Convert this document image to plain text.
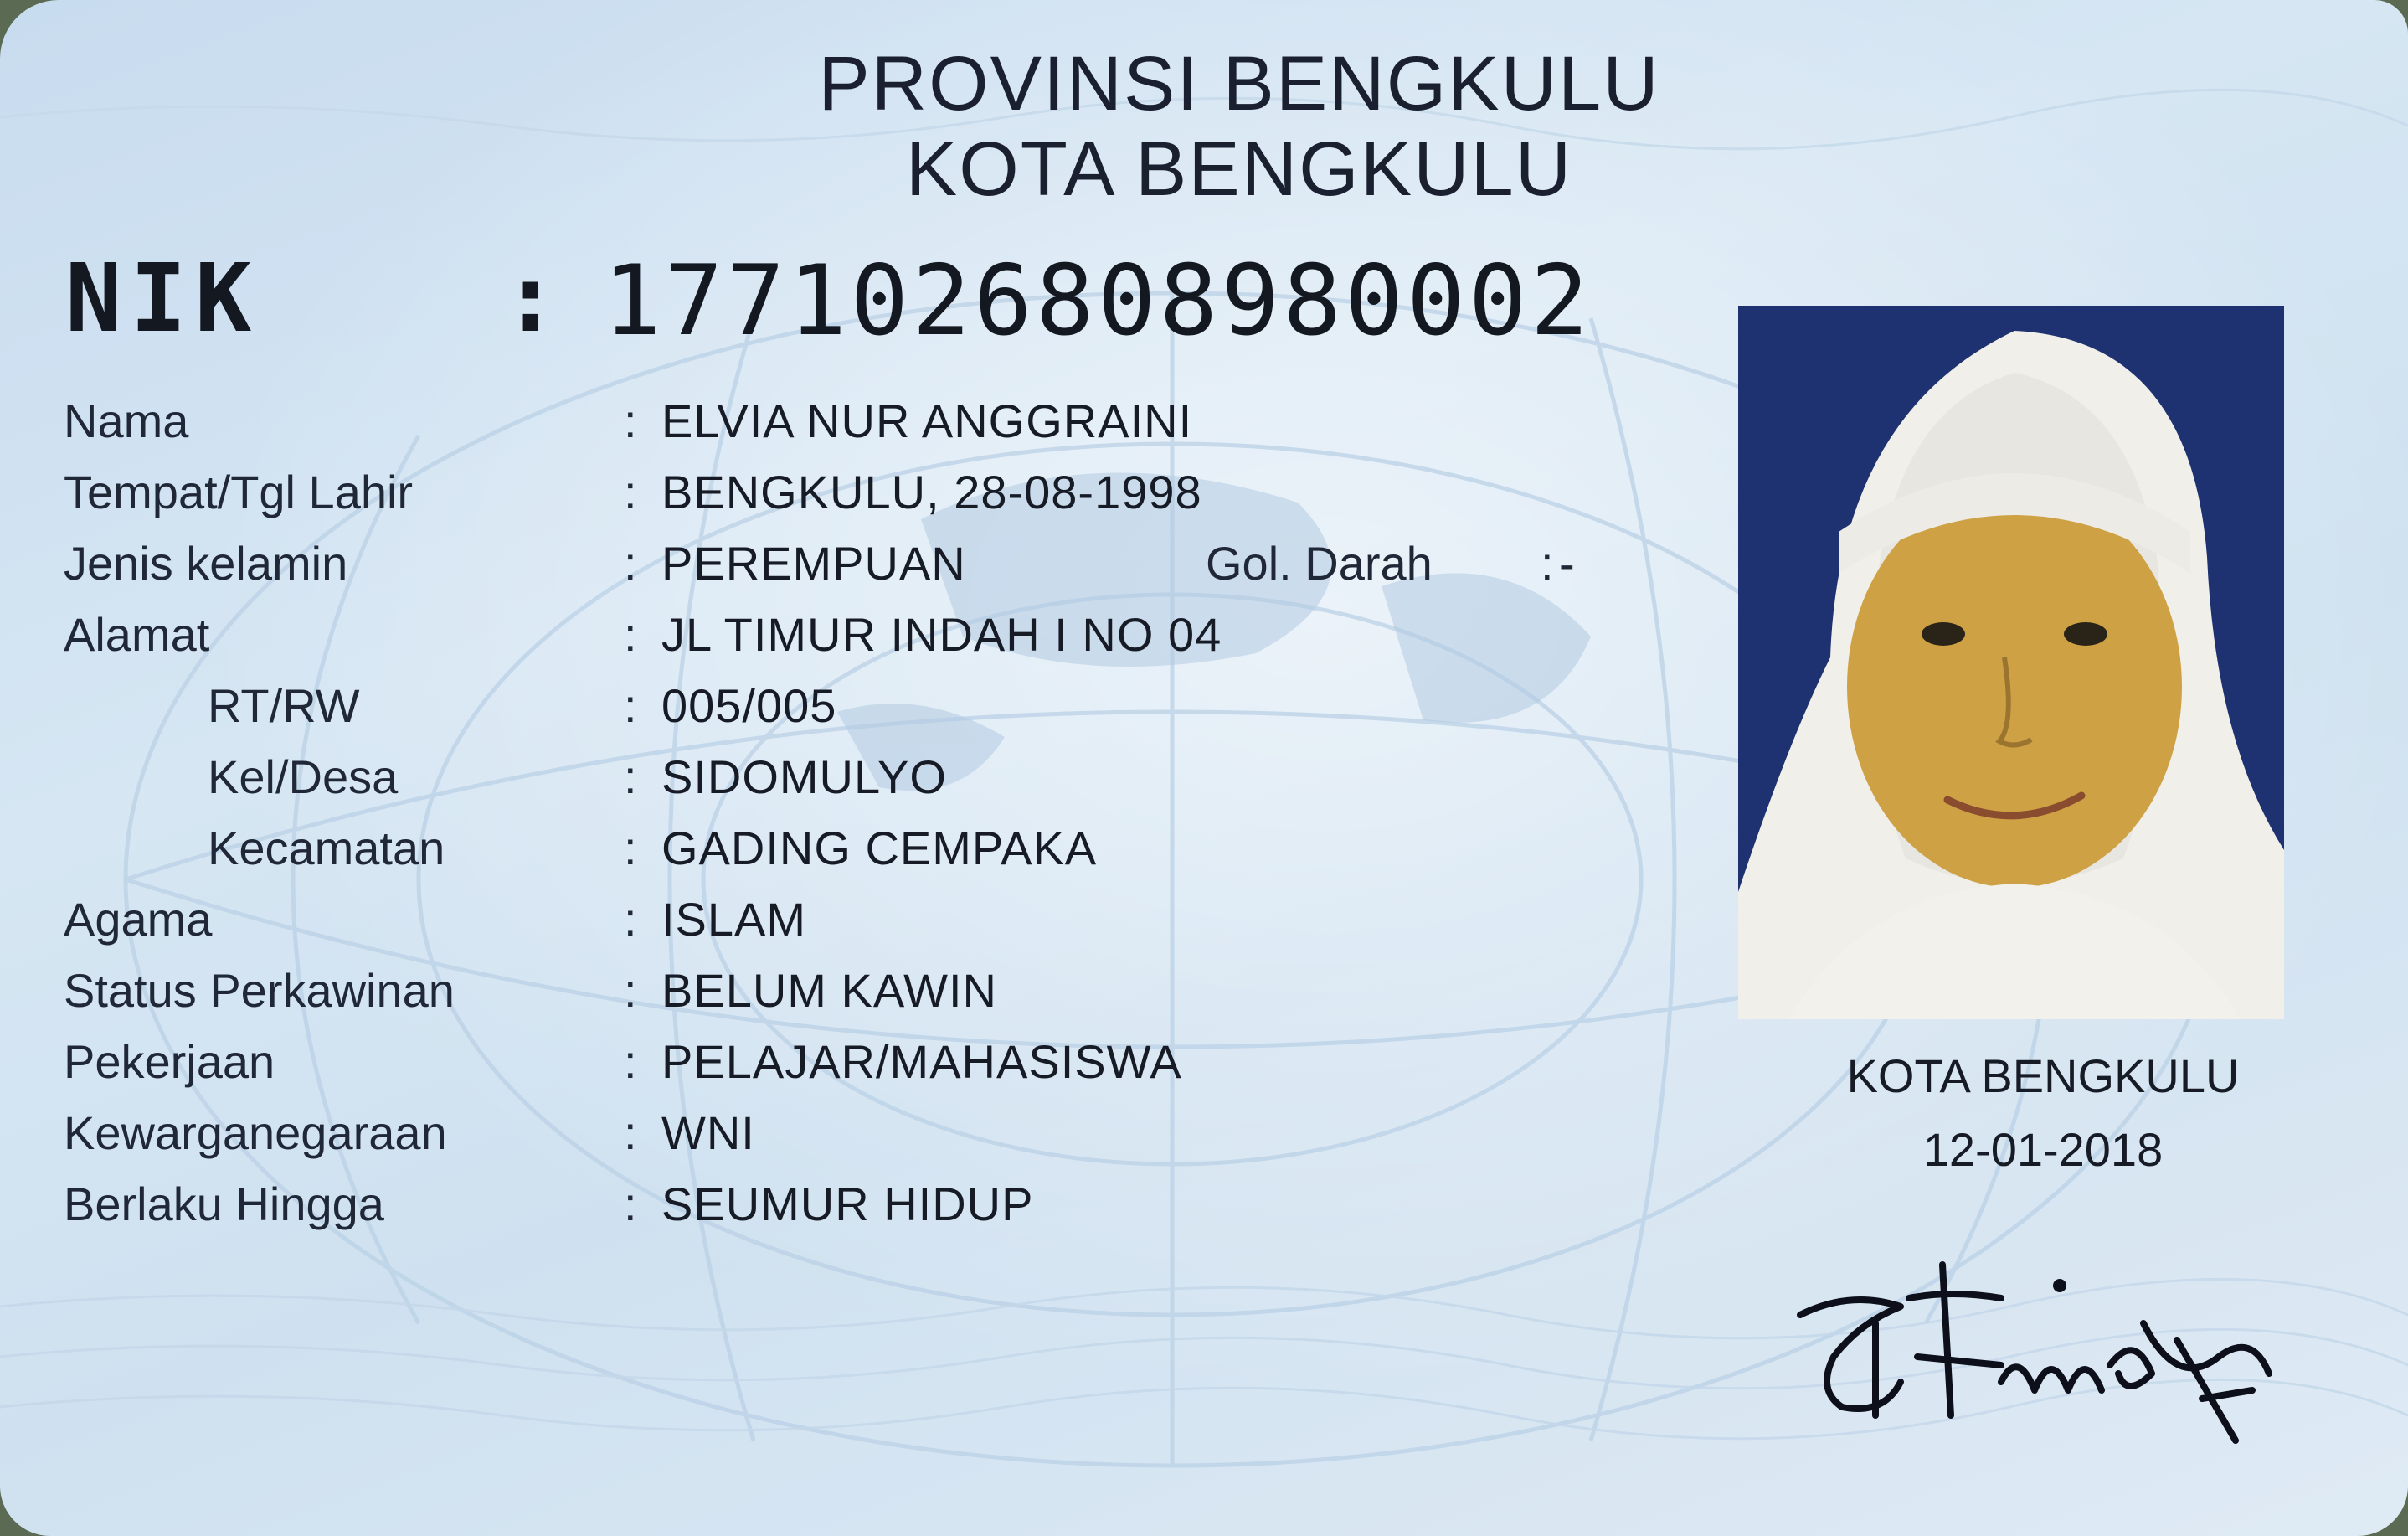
PROVINSI BENGKULU
KOTA BENGKULU
NIK	: 1771026808980002
Nama	: ELVIA NUR ANGGRAINI
Tempat/Tgl Lahir	: BENGKULU, 28-08-1998
Jenis kelamin	: PEREMPUAN	Gol. Darah : -
Alamat	: JL TIMUR INDAH I NO 04
RT/RW	: 005/005
Kel/Desa	: SIDOMULYO
Kecamatan	: GADING CEMPAKA
Agama	: ISLAM
Status Perkawinan	: BELUM KAWIN
Pekerjaan	: PELAJAR/MAHASISWA
Kewarganegaraan	: WNI
Berlaku Hingga	: SEUMUR HIDUP
KOTA BENGKULU
12-01-2018
